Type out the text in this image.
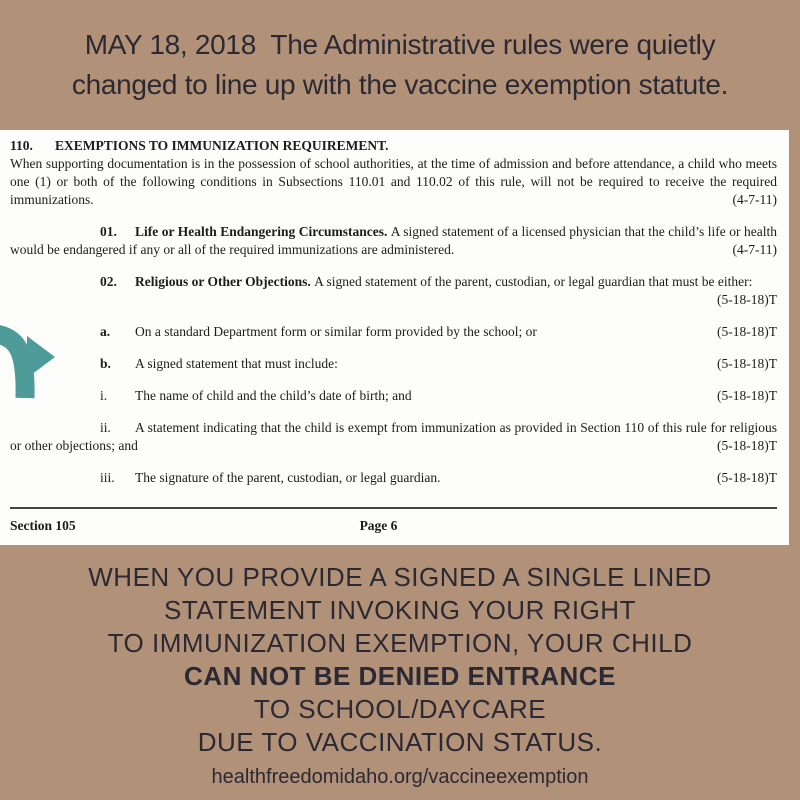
MAY 18, 2018  The Administrative rules were quietly
changed to line up with the vaccine exemption statute.

110. EXEMPTIONS TO IMMUNIZATION REQUIREMENT.

When supporting documentation is in the possession of school authorities, at the time of admission and before attendance, a child who meets one (1) or both of the following conditions in Subsections 110.01 and 110.02 of this rule, will not be required to receive the required immunizations.	(4-7-11)

01. Life or Health Endangering Circumstances. A signed statement of a licensed physician that the child’s life or health would be endangered if any or all of the required immunizations are administered.	(4-7-11)

02. Religious or Other Objections. A signed statement of the parent, custodian, or legal guardian that must be either:
(5-18-18)T

a. On a standard Department form or similar form provided by the school; or	(5-18-18)T

b. A signed statement that must include:	(5-18-18)T

i. The name of child and the child’s date of birth; and	(5-18-18)T

ii. A statement indicating that the child is exempt from immunization as provided in Section 110 of this rule for religious or other objections; and	(5-18-18)T

iii. The signature of the parent, custodian, or legal guardian.	(5-18-18)T

Section 105	Page 6
WHEN YOU PROVIDE A SIGNED A SINGLE LINED
STATEMENT INVOKING YOUR RIGHT
TO IMMUNIZATION EXEMPTION, YOUR CHILD
CAN NOT BE DENIED ENTRANCE
TO SCHOOL/DAYCARE
DUE TO VACCINATION STATUS.
healthfreedomidaho.org/vaccineexemption
